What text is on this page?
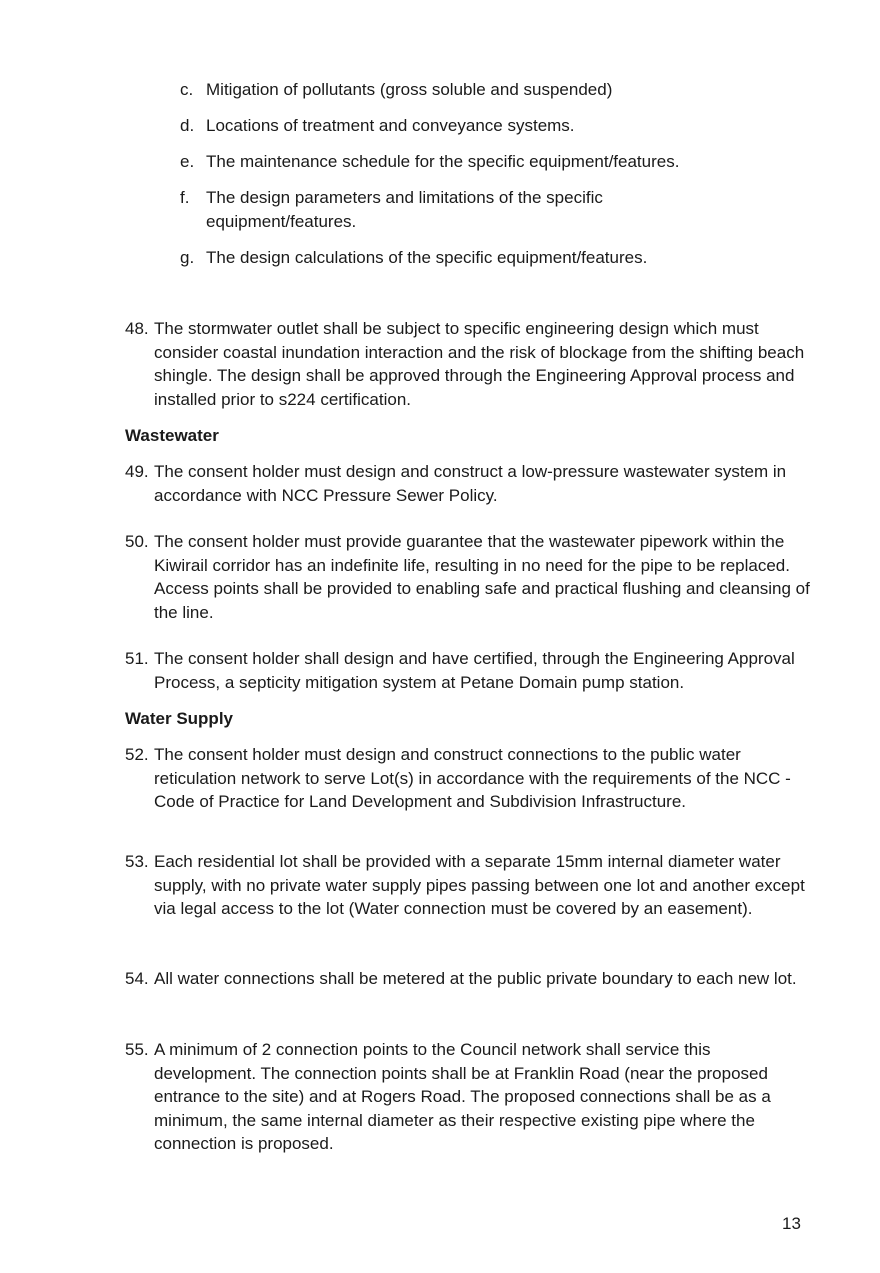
c. Mitigation of pollutants (gross soluble and suspended)
d. Locations of treatment and conveyance systems.
e. The maintenance schedule for the specific equipment/features.
f. The design parameters and limitations of the specific equipment/features.
g. The design calculations of the specific equipment/features.
48. The stormwater outlet shall be subject to specific engineering design which must consider coastal inundation interaction and the risk of blockage from the shifting beach shingle. The design shall be approved through the Engineering Approval process and installed prior to s224 certification.
Wastewater
49. The consent holder must design and construct a low-pressure wastewater system in accordance with NCC Pressure Sewer Policy.
50. The consent holder must provide guarantee that the wastewater pipework within the Kiwirail corridor has an indefinite life, resulting in no need for the pipe to be replaced. Access points shall be provided to enabling safe and practical flushing and cleansing of the line.
51. The consent holder shall design and have certified, through the Engineering Approval Process, a septicity mitigation system at Petane Domain pump station.
Water Supply
52. The consent holder must design and construct connections to the public water reticulation network to serve Lot(s) in accordance with the requirements of the NCC - Code of Practice for Land Development and Subdivision Infrastructure.
53. Each residential lot shall be provided with a separate 15mm internal diameter water supply, with no private water supply pipes passing between one lot and another except via legal access to the lot (Water connection must be covered by an easement).
54. All water connections shall be metered at the public private boundary to each new lot.
55. A minimum of 2 connection points to the Council network shall service this development. The connection points shall be at Franklin Road (near the proposed entrance to the site) and at Rogers Road. The proposed connections shall be as a minimum, the same internal diameter as their respective existing pipe where the connection is proposed.
13
